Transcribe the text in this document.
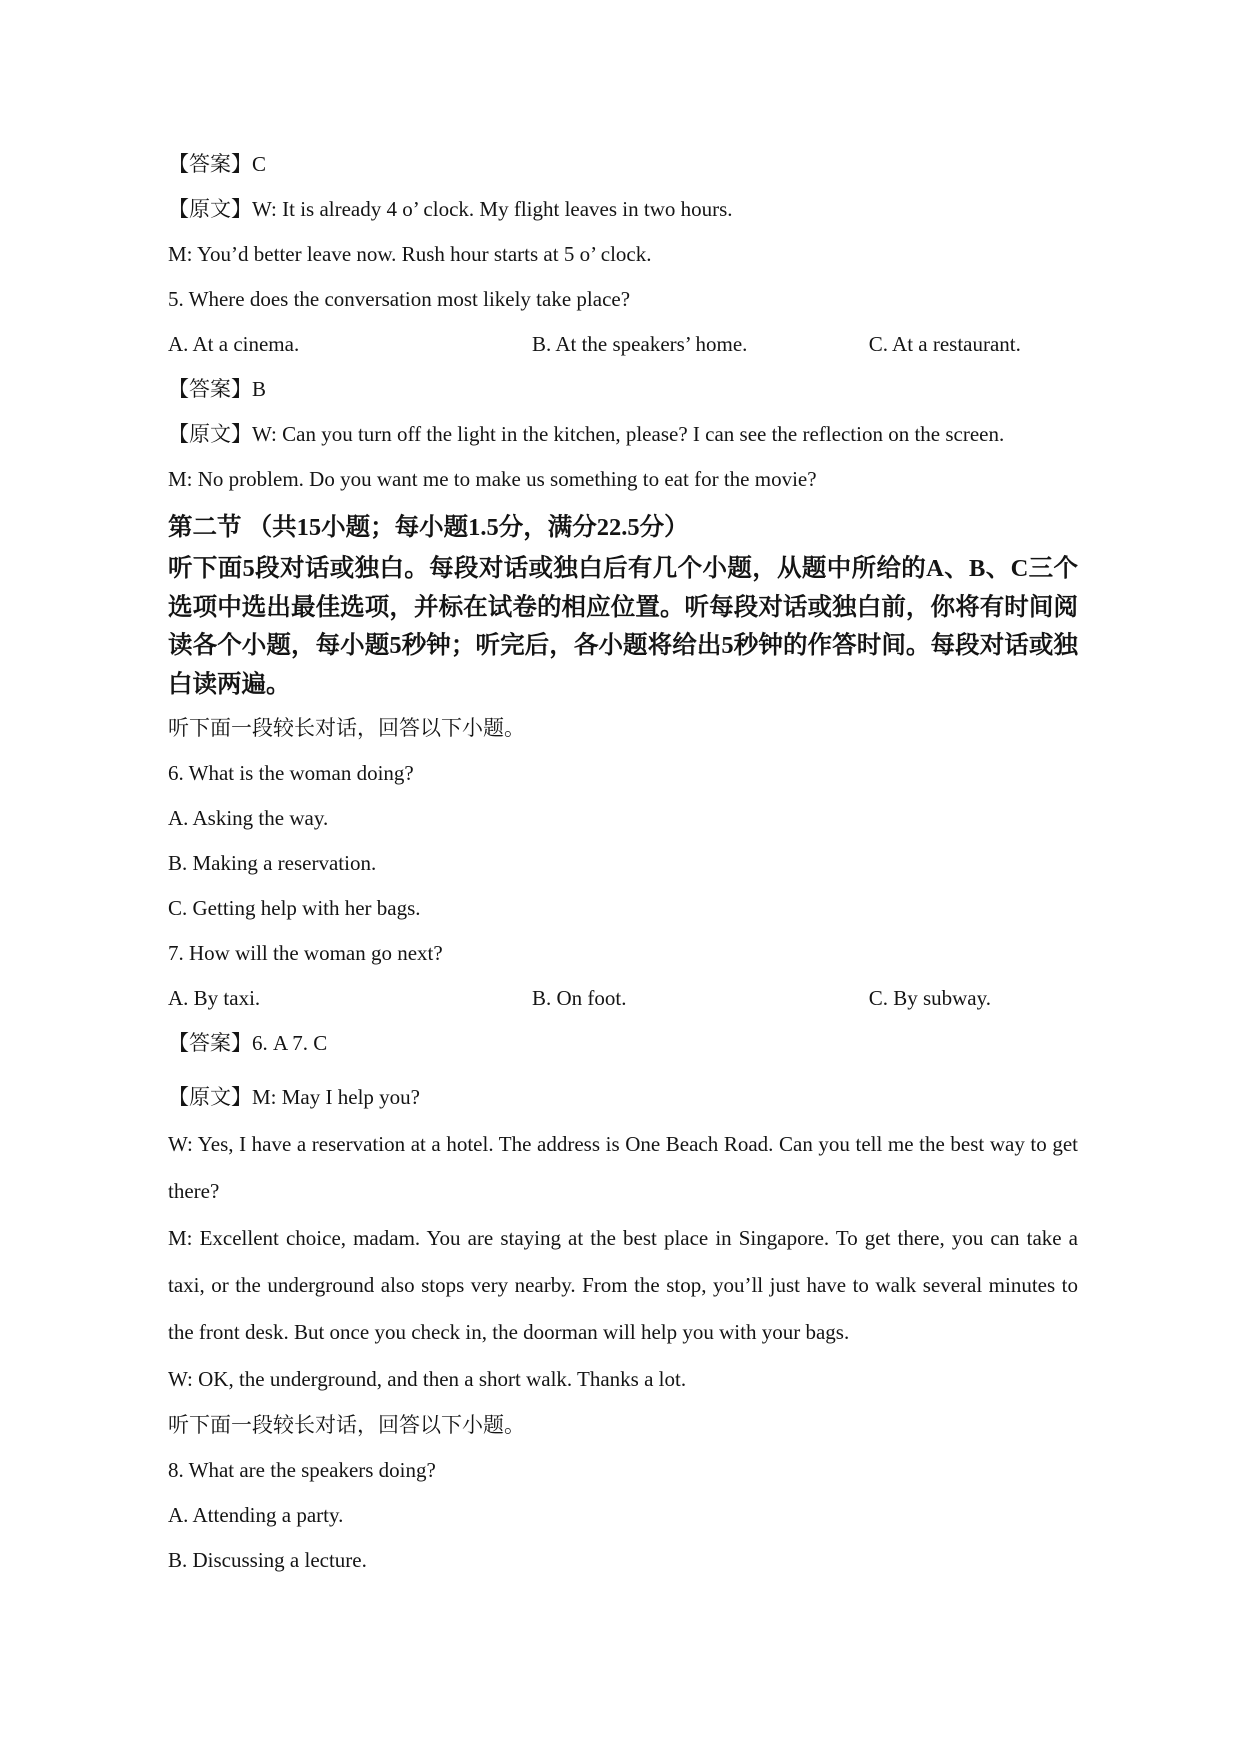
【答案】C

【原文】W: It is already 4 o’ clock. My flight leaves in two hours.

M: You’d better leave now. Rush hour starts at 5 o’ clock.

5. Where does the conversation most likely take place?

A. At a cinema.	B. At the speakers’ home.	C. At a restaurant.

【答案】B

【原文】W: Can you turn off the light in the kitchen, please? I can see the reflection on the screen.

M: No problem. Do you want me to make us something to eat for the movie?

第二节 （共15小题；每小题1.5分，满分22.5分）

听下面5段对话或独白。每段对话或独白后有几个小题，从题中所给的A、B、C三个选项中选出最佳选项，并标在试卷的相应位置。听每段对话或独白前，你将有时间阅读各个小题，每小题5秒钟；听完后，各小题将给出5秒钟的作答时间。每段对话或独白读两遍。

听下面一段较长对话，回答以下小题。

6. What is the woman doing?

A. Asking the way.

B. Making a reservation.

C. Getting help with her bags.

7. How will the woman go next?

A. By taxi.	B. On foot.	C. By subway.

【答案】6. A 7. C

【原文】M: May I help you?

W: Yes, I have a reservation at a hotel. The address is One Beach Road. Can you tell me the best way to get there?

M: Excellent choice, madam. You are staying at the best place in Singapore. To get there, you can take a taxi, or the underground also stops very nearby. From the stop, you’ll just have to walk several minutes to the front desk. But once you check in, the doorman will help you with your bags.

W: OK, the underground, and then a short walk. Thanks a lot.

听下面一段较长对话，回答以下小题。

8. What are the speakers doing?

A. Attending a party.

B. Discussing a lecture.
